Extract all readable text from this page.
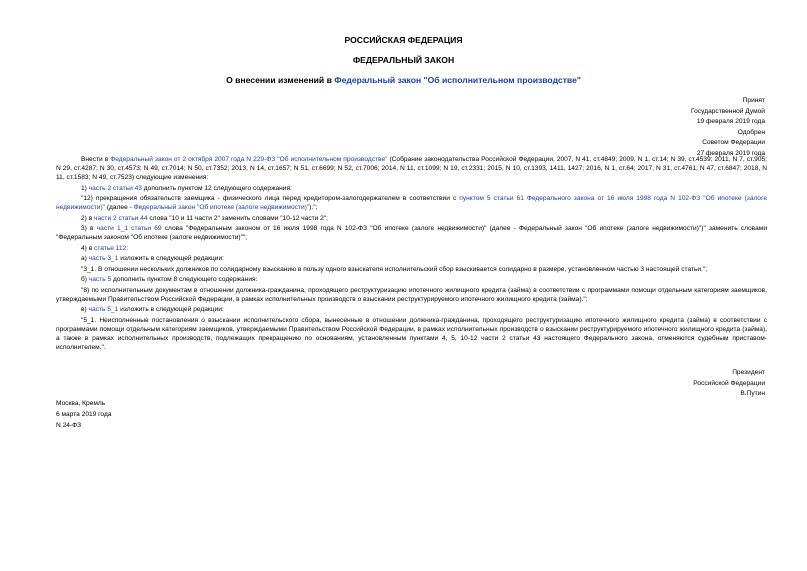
РОССИЙСКАЯ ФЕДЕРАЦИЯ
ФЕДЕРАЛЬНЫЙ ЗАКОН
О внесении изменений в Федеральный закон "Об исполнительном производстве"
Принят
Государственной Думой
19 февраля 2019 года
Одобрен
Советом Федерации
27 февраля 2019 года

Внести в Федеральный закон от 2 октября 2007 года N 229-ФЗ "Об исполнительном производстве" (Собрание законодательства Российской Федерации, 2007, N 41, ст.4849; 2009, N 1, ст.14; N 39, ст.4539; 2011, N 7, ст.905; N 29, ст.4287; N 30, ст.4573; N 49, ст.7014; N 50, ст.7352; 2013, N 14, ст.1657; N 51, ст.6699; N 52, ст.7006; 2014, N 11, ст.1099; N 19, ст.2331; 2015, N 10, ст.1393, 1411, 1427; 2016, N 1, ст.64; 2017, N 31, ст.4761; N 47, ст.6847; 2018, N 11, ст.1583; N 49, ст.7523) следующие изменения:

1) часть 2 статьи 43 дополнить пунктом 12 следующего содержания:

"12) прекращения обязательств заемщика - физического лица перед кредитором-залогодержателем в соответствии с пунктом 5 статьи 61 Федерального закона от 16 июля 1998 года N 102-ФЗ "Об ипотеке (залоге недвижимости)" (далее - Федеральный закон "Об ипотеке (залоге недвижимости)").";

2) в части 2 статьи 44 слова "10 и 11 части 2" заменить словами "10-12 части 2";

3) в части 1_1 статьи 69 слова "Федеральным законом от 16 июля 1998 года N 102-ФЗ "Об ипотеке (залоге недвижимости)" (далее - Федеральный закон "Об ипотеке (залоге недвижимости)")" заменить словами "Федеральным законом "Об ипотеке (залоге недвижимости)"";

4) в статье 112:

а) часть 3_1 изложить в следующей редакции:

"3_1. В отношении нескольких должников по солидарному взысканию в пользу одного взыскателя исполнительский сбор взыскивается солидарно в размере, установленном частью 3 настоящей статьи.";

б) часть 5 дополнить пунктом 8 следующего содержания:

"8) по исполнительным документам в отношении должника-гражданина, проходящего реструктуризацию ипотечного жилищного кредита (займа) в соответствии с программами помощи отдельным категориям заемщиков, утверждаемыми Правительством Российской Федерации, в рамках исполнительных производств о взыскании реструктурируемого ипотечного жилищного кредита (займа).";

в) часть 5_1 изложить в следующей редакции:

"5_1. Неисполненные постановления о взыскании исполнительского сбора, вынесенные в отношении должника-гражданина, проходящего реструктуризацию ипотечного жилищного кредита (займа) в соответствии с программами помощи отдельным категориям заемщиков, утверждаемыми Правительством Российской Федерации, в рамках исполнительных производств о взыскании реструктурируемого ипотечного жилищного кредита (займа), а также в рамках исполнительных производств, подлежащих прекращению по основаниям, установленным пунктами 4, 5, 10-12 части 2 статьи 43 настоящего Федерального закона, отменяются судебным приставом-исполнителем.".

Президент
Российской Федерации
В.Путин
Москва, Кремль
6 марта 2019 года
N 24-ФЗ
